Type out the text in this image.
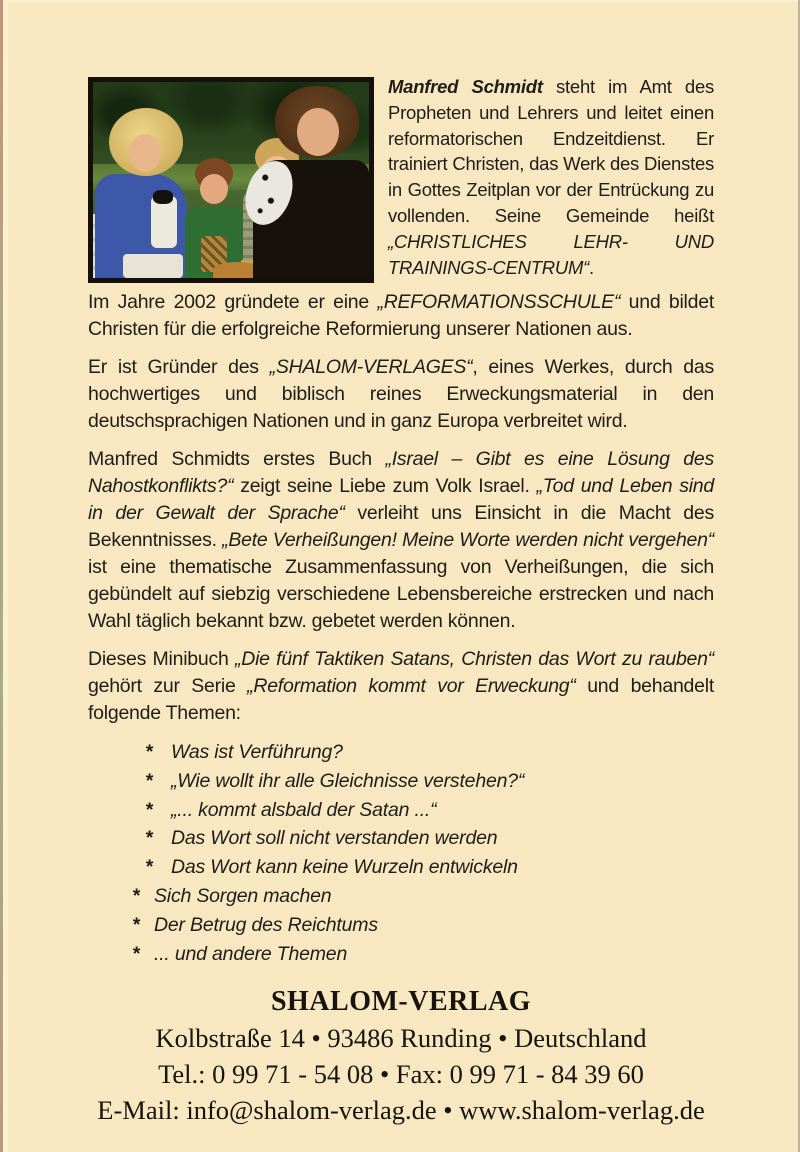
Manfred Schmidt steht im Amt des Propheten und Lehrers und leitet einen reformatorischen Endzeitdienst. Er trainiert Christen, das Werk des Dienstes in Gottes Zeitplan vor der Entrückung zu vollenden. Seine Gemeinde heißt „CHRISTLICHES LEHR- UND TRAININGS-CENTRUM“.

Im Jahre 2002 gründete er eine „REFORMATIONSSCHULE“ und bildet Christen für die erfolgreiche Reformierung unserer Nationen aus.

Er ist Gründer des „SHALOM-VERLAGES“, eines Werkes, durch das hochwertiges und biblisch reines Erweckungsmaterial in den deutschsprachigen Nationen und in ganz Europa verbreitet wird.

Manfred Schmidts erstes Buch „Israel – Gibt es eine Lösung des Nahostkonflikts?“ zeigt seine Liebe zum Volk Israel. „Tod und Leben sind in der Gewalt der Sprache“ verleiht uns Einsicht in die Macht des Bekenntnisses. „Bete Verheißungen! Meine Worte werden nicht vergehen“ ist eine thematische Zusammenfassung von Verheißungen, die sich gebündelt auf siebzig verschiedene Lebensbereiche erstrecken und nach Wahl täglich bekannt bzw. gebetet werden können.

Dieses Minibuch „Die fünf Taktiken Satans, Christen das Wort zu rauben“ gehört zur Serie „Reformation kommt vor Erweckung“ und behandelt folgende Themen:

* Was ist Verführung?
* „Wie wollt ihr alle Gleichnisse verstehen?“
* „... kommt alsbald der Satan ...“
* Das Wort soll nicht verstanden werden
* Das Wort kann keine Wurzeln entwickeln
* Sich Sorgen machen
* Der Betrug des Reichtums
* ... und andere Themen
SHALOM-VERLAG
Kolbstraße 14 • 93486 Runding • Deutschland
Tel.: 0 99 71 - 54 08 • Fax: 0 99 71 - 84 39 60
E-Mail: info@shalom-verlag.de • www.shalom-verlag.de
